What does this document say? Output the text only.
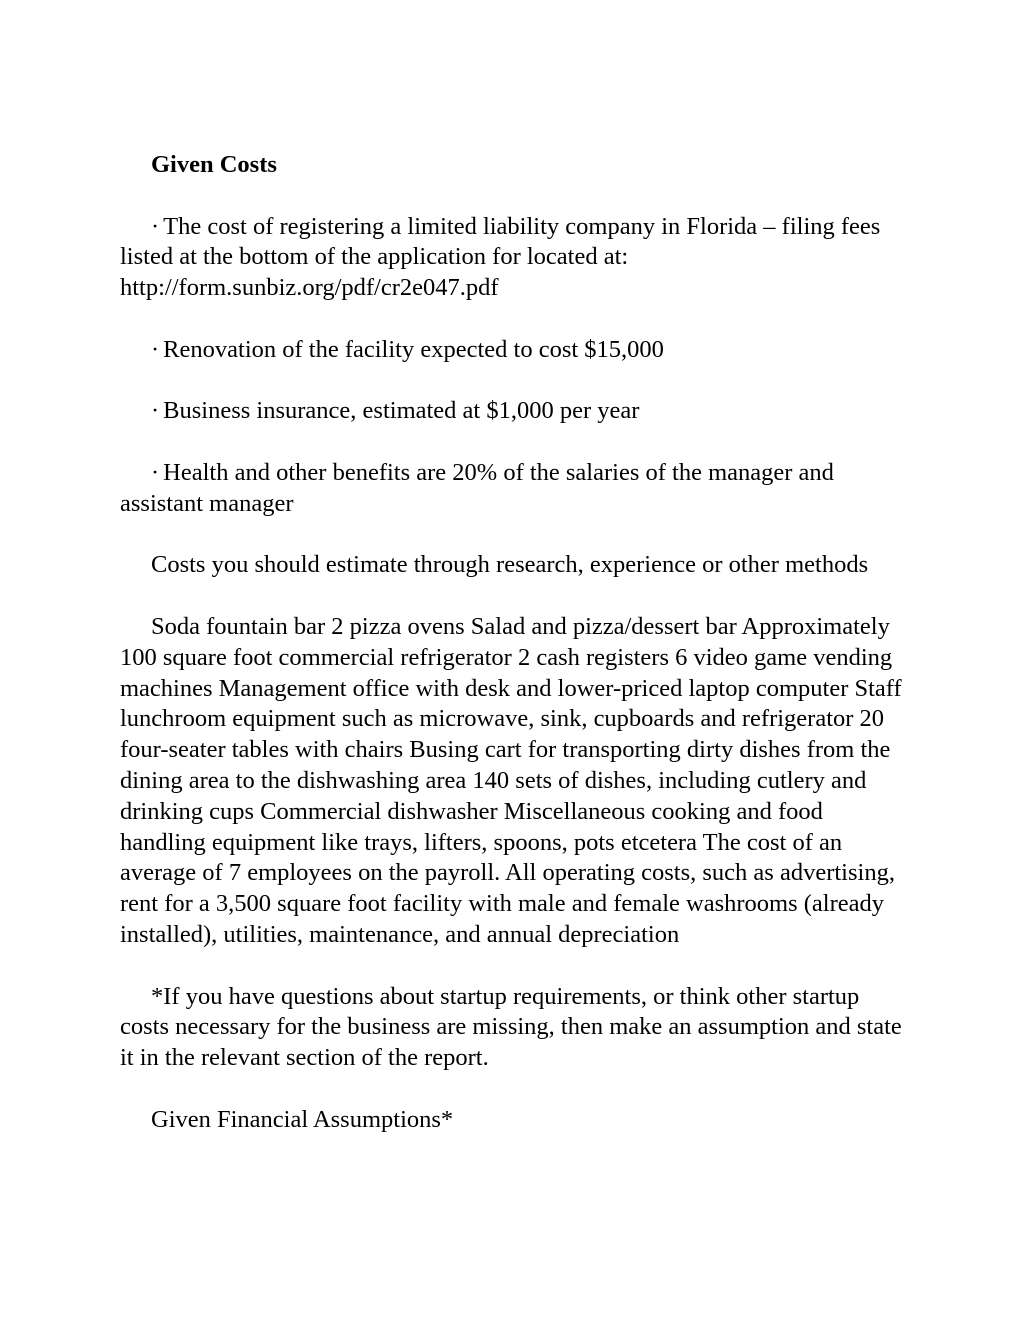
Given Costs

· The cost of registering a limited liability company in Florida – filing fees listed at the bottom of the application for located at: http://form.sunbiz.org/pdf/cr2e047.pdf

· Renovation of the facility expected to cost $15,000

· Business insurance, estimated at $1,000 per year

· Health and other benefits are 20% of the salaries of the manager and assistant manager

Costs you should estimate through research, experience or other methods

Soda fountain bar 2 pizza ovens Salad and pizza/dessert bar Approximately 100 square foot commercial refrigerator 2 cash registers 6 video game vending machines Management office with desk and lower-priced laptop computer Staff lunchroom equipment such as microwave, sink, cupboards and refrigerator 20 four-seater tables with chairs Busing cart for transporting dirty dishes from the dining area to the dishwashing area 140 sets of dishes, including cutlery and drinking cups Commercial dishwasher Miscellaneous cooking and food handling equipment like trays, lifters, spoons, pots etcetera The cost of an average of 7 employees on the payroll. All operating costs, such as advertising, rent for a 3,500 square foot facility with male and female washrooms (already installed), utilities, maintenance, and annual depreciation

*If you have questions about startup requirements, or think other startup costs necessary for the business are missing, then make an assumption and state it in the relevant section of the report.

Given Financial Assumptions*
